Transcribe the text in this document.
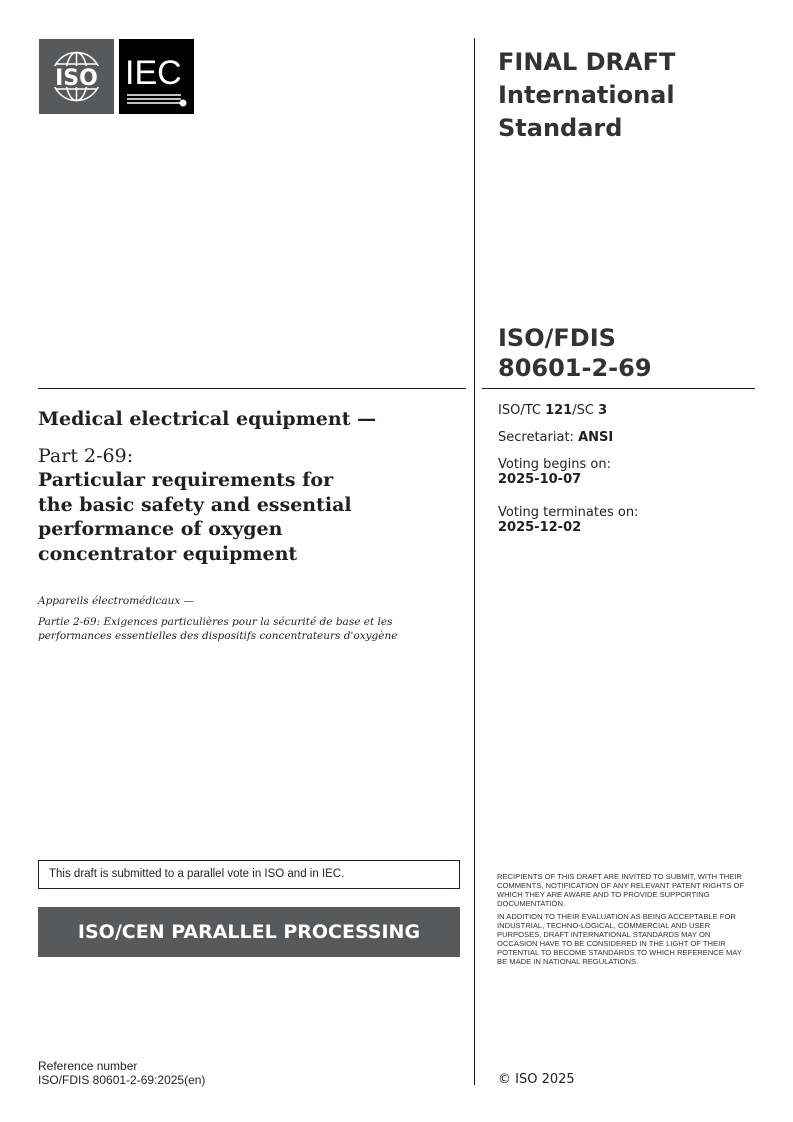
ISO IEC	FINAL DRAFT
International
Standard
ISO/FDIS
80601-2-69
ISO/TC 121/SC 3
Secretariat: ANSI
Voting begins on:
2025-10-07
Voting terminates on:
2025-12-02
RECIPIENTS OF THIS DRAFT ARE INVITED TO SUBMIT, WITH THEIR COMMENTS, NOTIFICATION OF ANY RELEVANT PATENT RIGHTS OF WHICH THEY ARE AWARE AND TO PROVIDE SUPPORTING DOCUMENTATION.
IN ADDITION TO THEIR EVALUATION AS BEING ACCEPTABLE FOR INDUSTRIAL, TECHNO-LOGICAL, COMMERCIAL AND USER PURPOSES, DRAFT INTERNATIONAL STANDARDS MAY ON OCCASION HAVE TO BE CONSIDERED IN THE LIGHT OF THEIR POTENTIAL TO BECOME STANDARDS TO WHICH REFERENCE MAY BE MADE IN NATIONAL REGULATIONS.
© ISO 2025
Medical electrical equipment —
Part 2-69:
Particular requirements for
the basic safety and essential
performance of oxygen
concentrator equipment
Appareils électromédicaux —
Partie 2-69: Exigences particulières pour la sécurité de base et les performances essentielles des dispositifs concentrateurs d'oxygène
This draft is submitted to a parallel vote in ISO and in IEC.
ISO/CEN PARALLEL PROCESSING
Reference number
ISO/FDIS 80601-2-69:2025(en)
